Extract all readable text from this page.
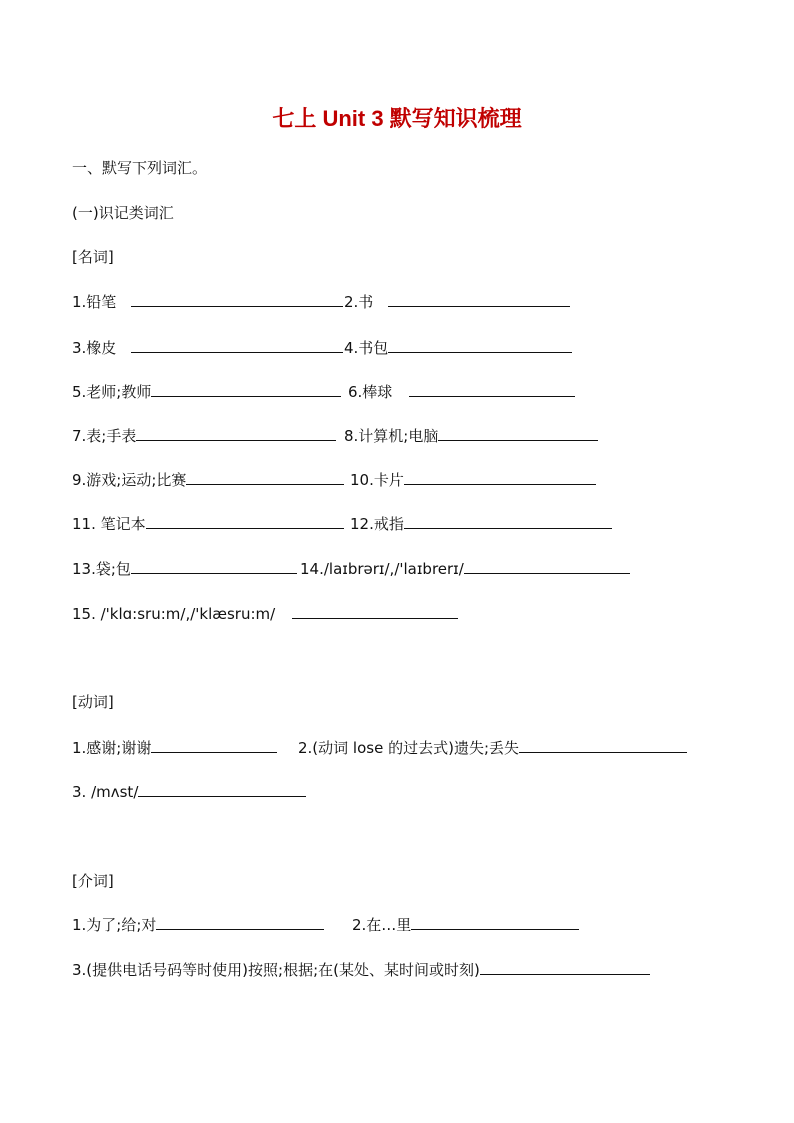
七上 Unit 3 默写知识梳理
一、默写下列词汇。
(一)识记类词汇
[名词]
1.铅笔	2.书
3.橡皮	4.书包
5.老师;教师	6.棒球
7.表;手表	8.计算机;电脑
9.游戏;运动;比赛	10.卡片
11. 笔记本	12.戒指
13.袋;包	14./laɪbrərɪ/,/'laɪbrerɪ/
15. /'klɑ:sru:m/,/'klæsru:m/
[动词]
1.感谢;谢谢	2.(动词 lose 的过去式)遗失;丢失
3. /mʌst/
[介词]
1.为了;给;对	2.在…里
3.(提供电话号码等时使用)按照;根据;在(某处、某时间或时刻)
